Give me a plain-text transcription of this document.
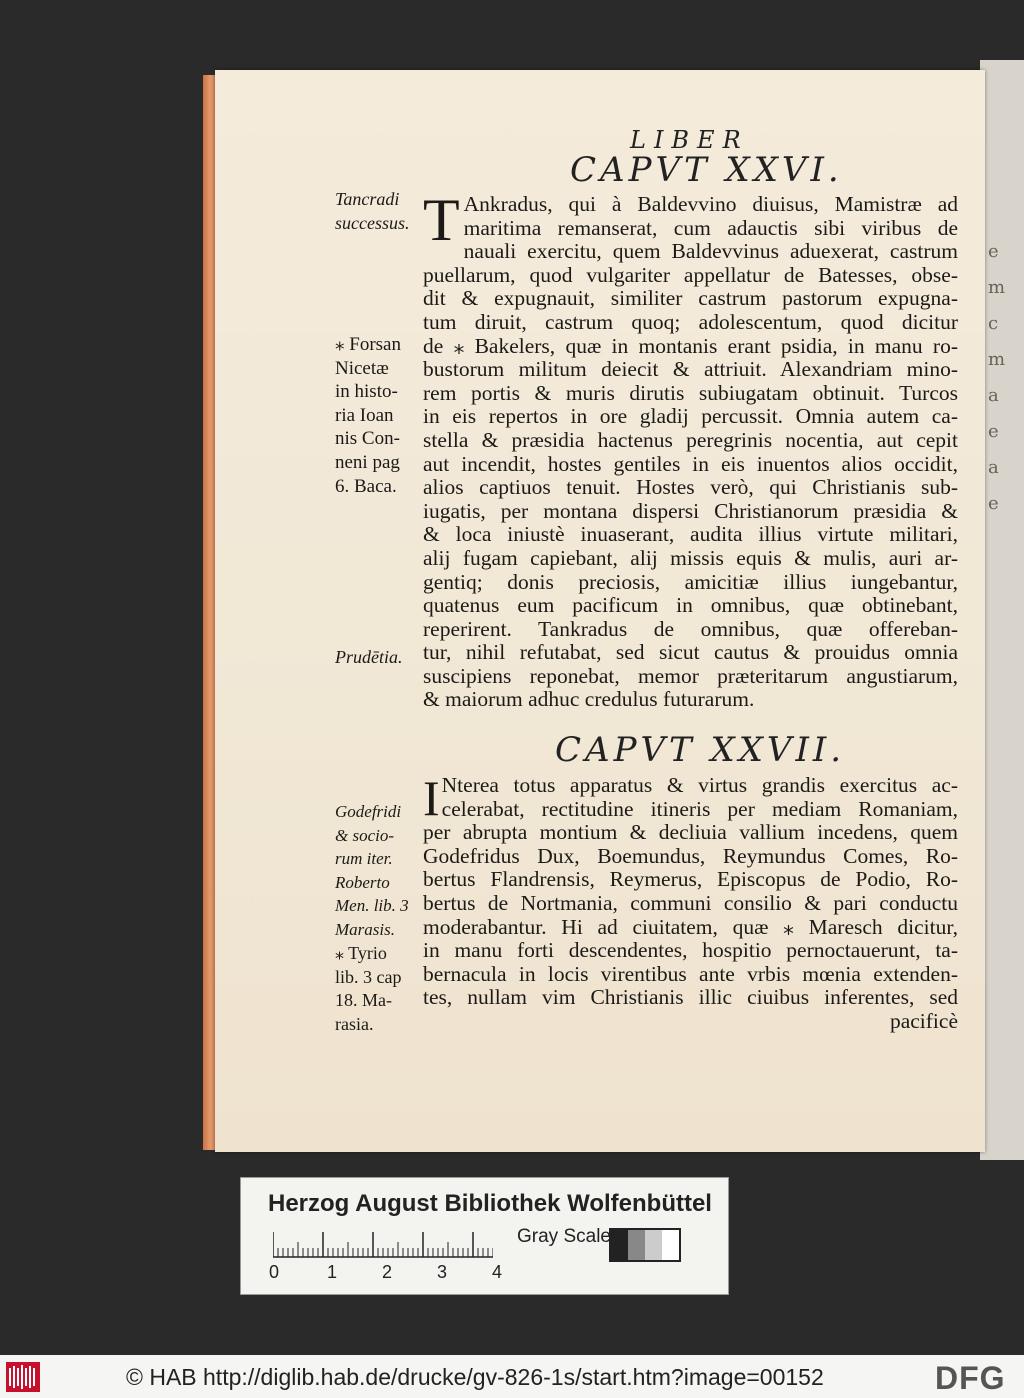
e
m
c
m
a
e
a
e
LIBER
CAPVT XXVI.
Tancradi
successus. T Ankradus, qui à Baldevvino diuisus, Mamistræ ad
maritima remanserat, cum adauctis sibi viribus de
nauali exercitu, quem Baldevvinus aduexerat, castrum
puellarum, quod vulgariter appellatur de Batesses, obse-
dit & expugnauit, similiter castrum pastorum expugna-
tum diruit, castrum quoq; adolescentum, quod dicitur
de ⁎ Bakelers, quæ in montanis erant psidia, in manu ro-
bustorum militum deiecit & attriuit. Alexandriam mino-
rem portis & muris dirutis subiugatam obtinuit. Turcos
in eis repertos in ore gladij percussit. Omnia autem ca-
stella & præsidia hactenus peregrinis nocentia, aut cepit
aut incendit, hostes gentiles in eis inuentos alios occidit,
alios captiuos tenuit. Hostes verò, qui Christianis sub-
iugatis, per montana dispersi Christianorum præsidia &
& loca iniustè inuaserant, audita illius virtute militari,
alij fugam capiebant, alij missis equis & mulis, auri ar-
gentiq; donis preciosis, amicitiæ illius iungebantur,
quatenus eum pacificum in omnibus, quæ obtinebant,
reperirent. Tankradus de omnibus, quæ offereban-
tur, nihil refutabat, sed sicut cautus & prouidus omnia
suscipiens reponebat, memor præteritarum angustiarum,
& maiorum adhuc credulus futurarum.
⁎ Forsan
Nicetæ
in histo-
ria Ioan
nis Con-
neni pag
6. Baca.
Prudētia.
CAPVT XXVII.
I Nterea totus apparatus & virtus grandis exercitus ac-
celerabat, rectitudine itineris per mediam Romaniam,
per abrupta montium & decliuia vallium incedens, quem
Godefridus Dux, Boemundus, Reymundus Comes, Ro-
bertus Flandrensis, Reymerus, Episcopus de Podio, Ro-
bertus de Nortmania, communi consilio & pari conductu
moderabantur. Hi ad ciuitatem, quæ ⁎ Maresch dicitur,
in manu forti descendentes, hospitio pernoctauerunt, ta-
bernacula in locis virentibus ante vrbis mœnia extenden-
tes, nullam vim Christianis illic ciuibus inferentes, sed
pacificè
Godefridi
& socio-
rum iter.
Roberto
Men. lib. 3
Marasis.
⁎ Tyrio
lib. 3 cap
18. Ma-
rasia.
Herzog August Bibliothek Wolfenbüttel
0	1 2 3 4
Gray Scale
© HAB http://diglib.hab.de/drucke/gv-826-1s/start.htm?image=00152	DFG
